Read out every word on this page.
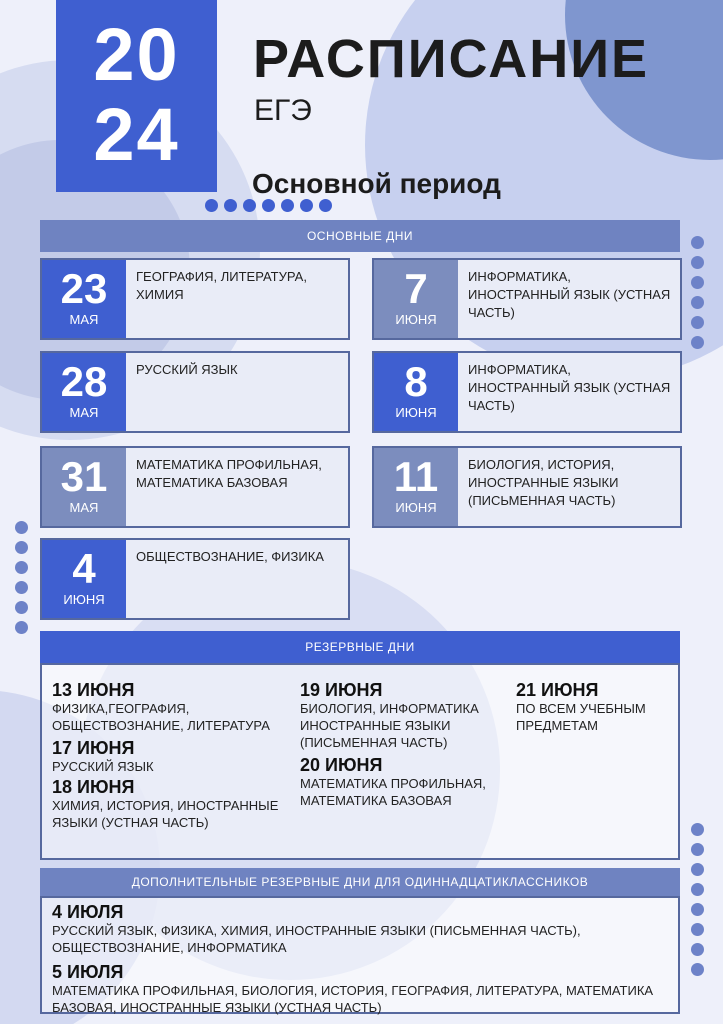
20
24
РАСПИСАНИЕ
ЕГЭ
Основной период
ОСНОВНЫЕ ДНИ
23
МАЯ
ГЕОГРАФИЯ, ЛИТЕРАТУРА, ХИМИЯ
28
МАЯ
РУССКИЙ ЯЗЫК
31
МАЯ
МАТЕМАТИКА ПРОФИЛЬНАЯ, МАТЕМАТИКА БАЗОВАЯ
4
ИЮНЯ
ОБЩЕСТВОЗНАНИЕ, ФИЗИКА
7
ИЮНЯ
ИНФОРМАТИКА, ИНОСТРАННЫЙ ЯЗЫК (УСТНАЯ ЧАСТЬ)
8
ИЮНЯ
ИНФОРМАТИКА, ИНОСТРАННЫЙ ЯЗЫК (УСТНАЯ ЧАСТЬ)
11
ИЮНЯ
БИОЛОГИЯ, ИСТОРИЯ, ИНОСТРАННЫЕ ЯЗЫКИ (ПИСЬМЕННАЯ ЧАСТЬ)
РЕЗЕРВНЫЕ ДНИ
13 ИЮНЯ
ФИЗИКА,ГЕОГРАФИЯ, ОБЩЕСТВОЗНАНИЕ, ЛИТЕРАТУРА
17 ИЮНЯ
РУССКИЙ ЯЗЫК
18 ИЮНЯ
ХИМИЯ, ИСТОРИЯ, ИНОСТРАННЫЕ ЯЗЫКИ (УСТНАЯ ЧАСТЬ)
19 ИЮНЯ
БИОЛОГИЯ, ИНФОРМАТИКА ИНОСТРАННЫЕ ЯЗЫКИ (ПИСЬМЕННАЯ ЧАСТЬ)
20 ИЮНЯ
МАТЕМАТИКА ПРОФИЛЬНАЯ, МАТЕМАТИКА БАЗОВАЯ
21 ИЮНЯ
ПО ВСЕМ УЧЕБНЫМ ПРЕДМЕТАМ
ДОПОЛНИТЕЛЬНЫЕ РЕЗЕРВНЫЕ ДНИ ДЛЯ ОДИННАДЦАТИКЛАССНИКОВ
4 ИЮЛЯ
РУССКИЙ ЯЗЫК, ФИЗИКА, ХИМИЯ, ИНОСТРАННЫЕ ЯЗЫКИ (ПИСЬМЕННАЯ ЧАСТЬ), ОБЩЕСТВОЗНАНИЕ, ИНФОРМАТИКА
5 ИЮЛЯ
МАТЕМАТИКА ПРОФИЛЬНАЯ, БИОЛОГИЯ, ИСТОРИЯ, ГЕОГРАФИЯ, ЛИТЕРАТУРА, МАТЕМАТИКА БАЗОВАЯ, ИНОСТРАННЫЕ ЯЗЫКИ (УСТНАЯ ЧАСТЬ)
